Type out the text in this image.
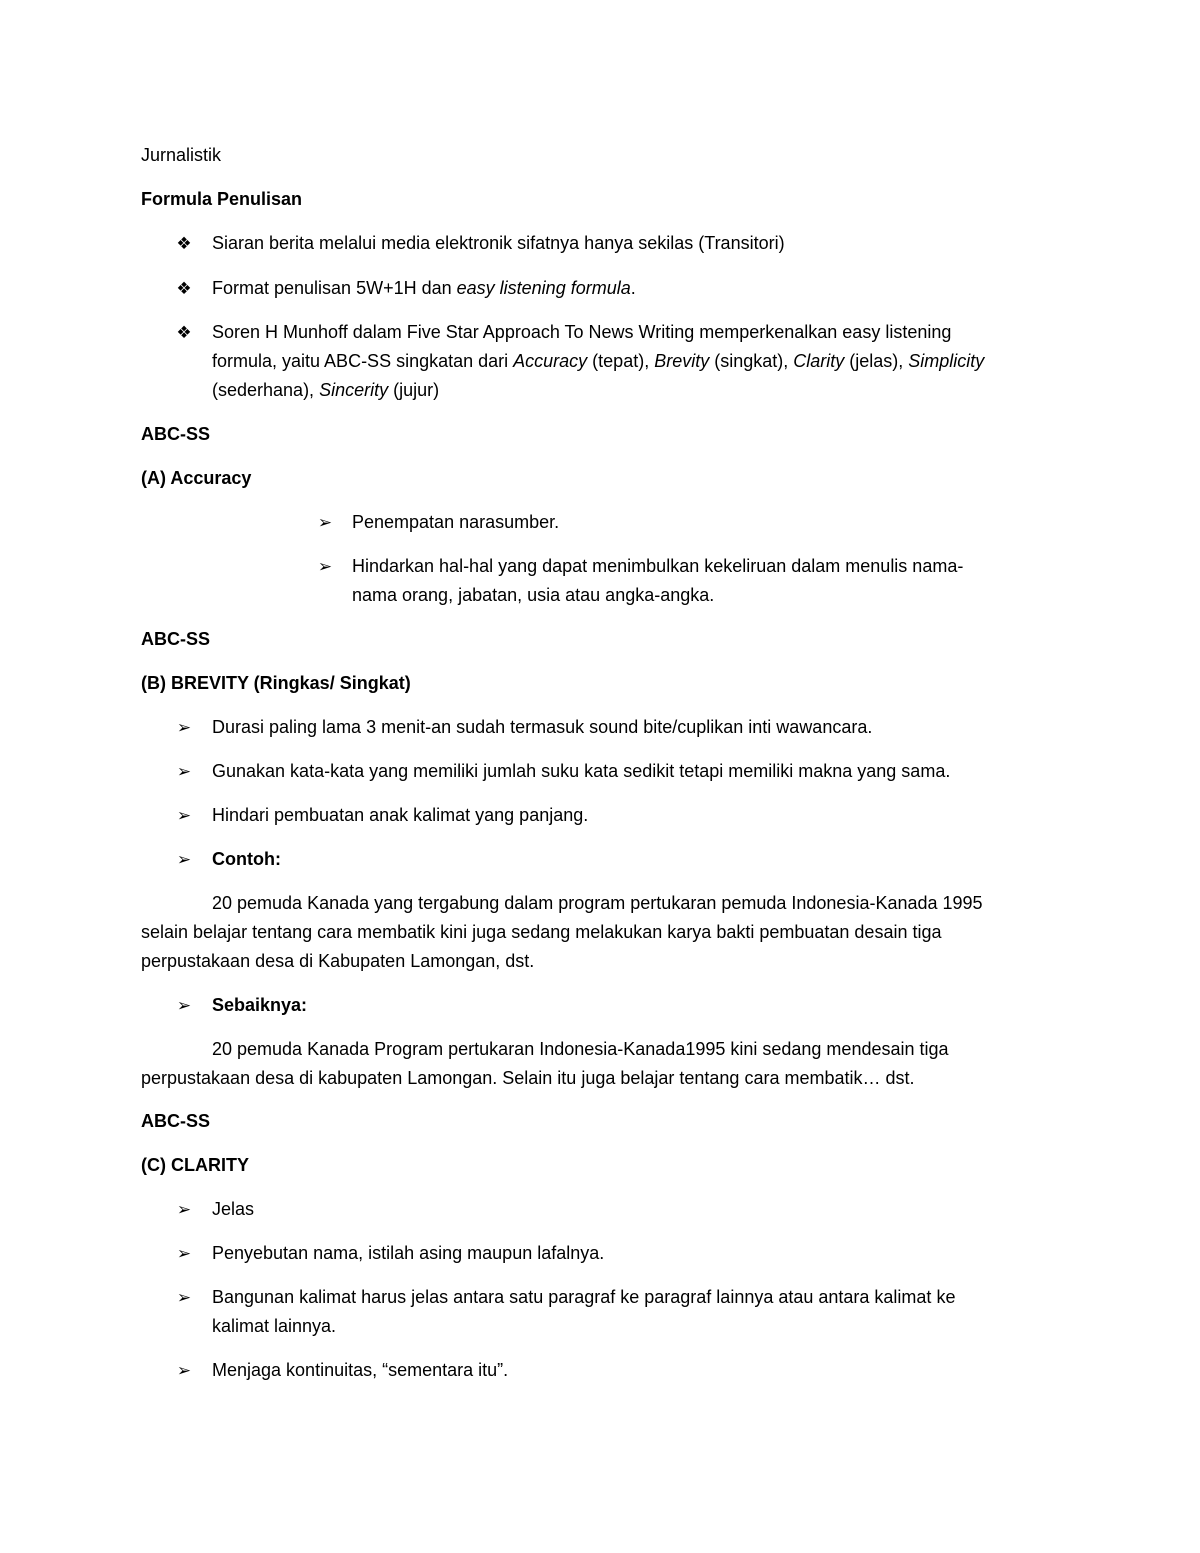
Jurnalistik
Formula Penulisan
❖ Siaran berita melalui media elektronik sifatnya hanya sekilas (Transitori)
❖ Format penulisan 5W+1H dan easy listening formula.
❖ Soren H Munhoff dalam Five Star Approach To News Writing memperkenalkan easy listening
formula, yaitu ABC-SS singkatan dari Accuracy (tepat), Brevity (singkat), Clarity (jelas), Simplicity
(sederhana), Sincerity (jujur)
ABC-SS
(A) Accuracy
➢ Penempatan narasumber.
➢ Hindarkan hal-hal yang dapat menimbulkan kekeliruan dalam menulis nama-
nama orang, jabatan, usia atau angka-angka.
ABC-SS
(B) BREVITY (Ringkas/ Singkat)
➢ Durasi paling lama 3 menit-an sudah termasuk sound bite/cuplikan inti wawancara.
➢ Gunakan kata-kata yang memiliki jumlah suku kata sedikit tetapi memiliki makna yang sama.
➢ Hindari pembuatan anak kalimat yang panjang.
➢ Contoh:
20 pemuda Kanada yang tergabung dalam program pertukaran pemuda Indonesia-Kanada 1995
selain belajar tentang cara membatik kini juga sedang melakukan karya bakti pembuatan desain tiga
perpustakaan desa di Kabupaten Lamongan, dst.
➢ Sebaiknya:
20 pemuda Kanada Program pertukaran Indonesia-Kanada1995 kini sedang mendesain tiga
perpustakaan desa di kabupaten Lamongan. Selain itu juga belajar tentang cara membatik… dst.
ABC-SS
(C) CLARITY
➢ Jelas
➢ Penyebutan nama, istilah asing maupun lafalnya.
➢ Bangunan kalimat harus jelas antara satu paragraf ke paragraf lainnya atau antara kalimat ke
kalimat lainnya.
➢ Menjaga kontinuitas, “sementara itu”.
